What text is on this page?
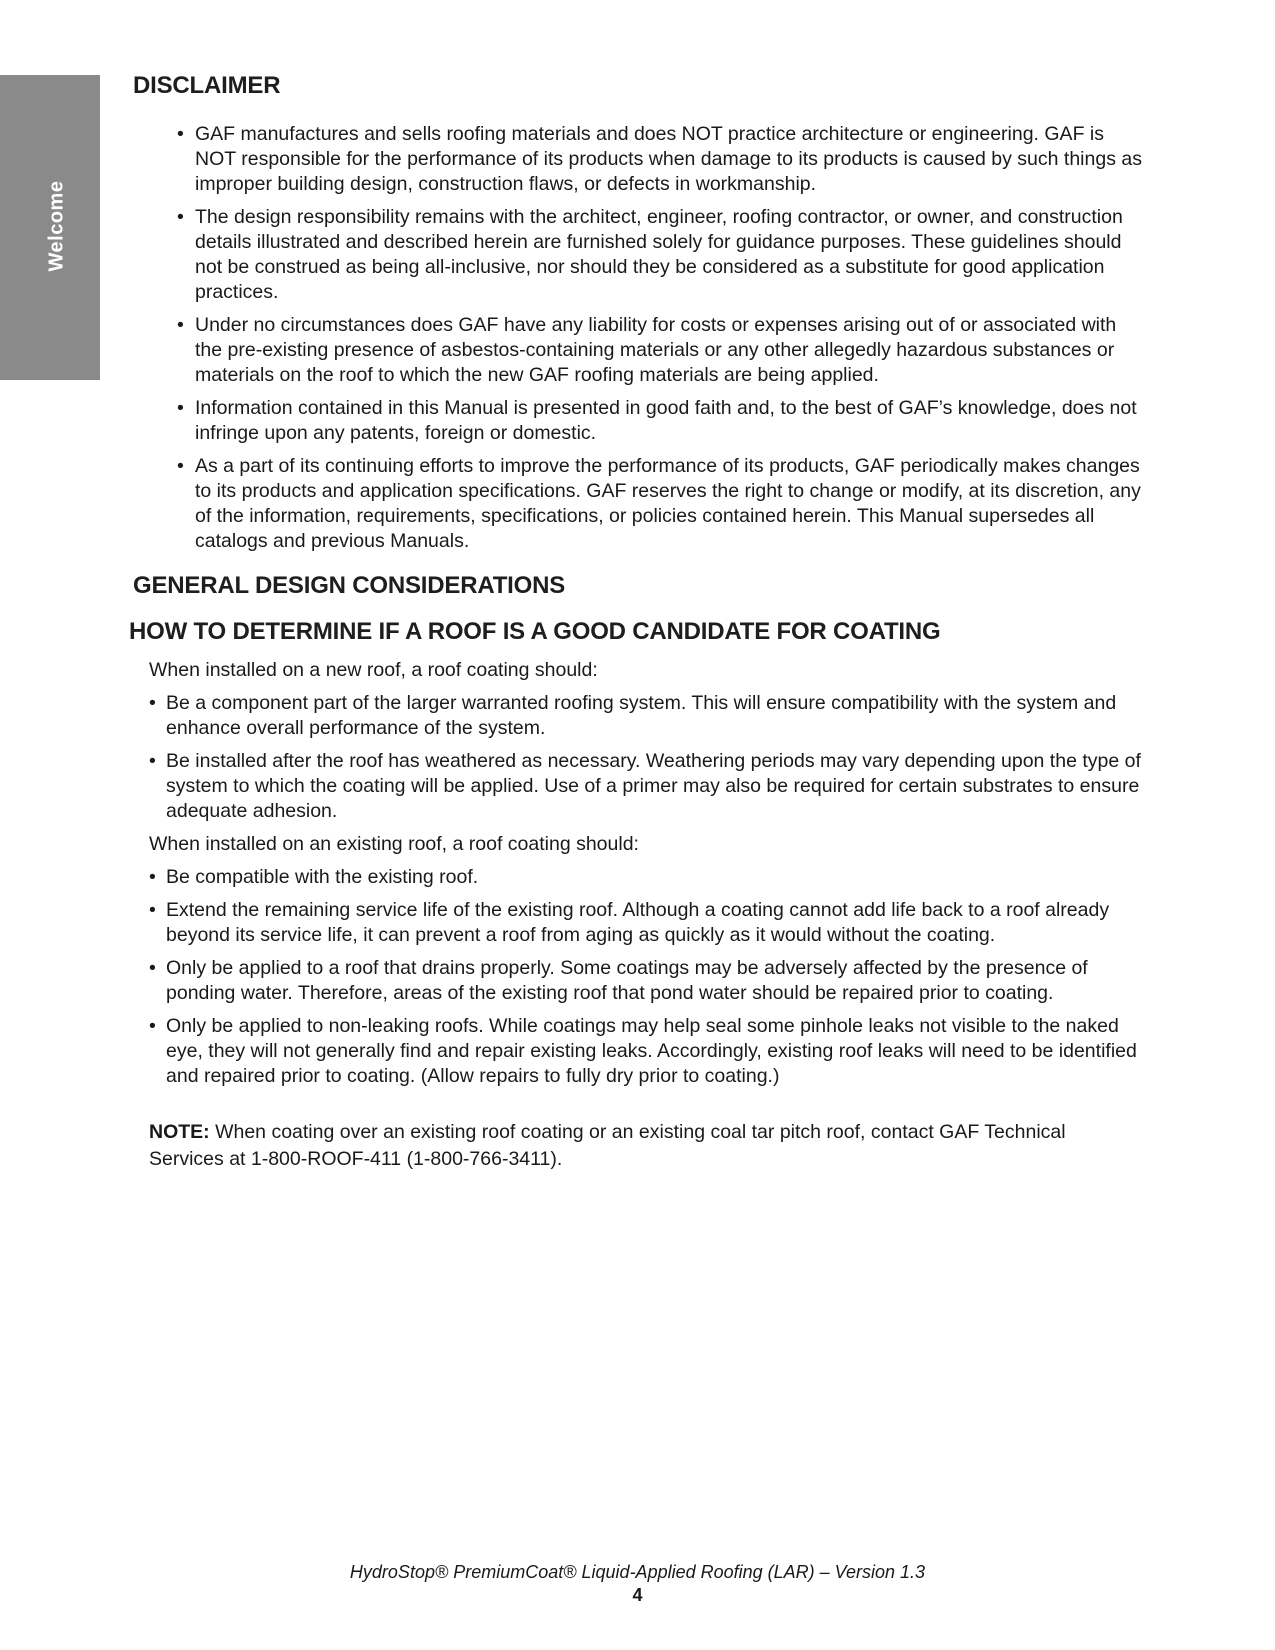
Welcome
DISCLAIMER
• GAF manufactures and sells roofing materials and does NOT practice architecture or engineering. GAF is NOT responsible for the performance of its products when damage to its products is caused by such things as improper building design, construction flaws, or defects in workmanship.
• The design responsibility remains with the architect, engineer, roofing contractor, or owner, and construction details illustrated and described herein are furnished solely for guidance purposes. These guidelines should not be construed as being all-inclusive, nor should they be considered as a substitute for good application practices.
• Under no circumstances does GAF have any liability for costs or expenses arising out of or associated with the pre-existing presence of asbestos-containing materials or any other allegedly hazardous substances or materials on the roof to which the new GAF roofing materials are being applied.
• Information contained in this Manual is presented in good faith and, to the best of GAF’s knowledge, does not infringe upon any patents, foreign or domestic.
• As a part of its continuing efforts to improve the performance of its products, GAF periodically makes changes to its products and application specifications. GAF reserves the right to change or modify, at its discretion, any of the information, requirements, specifications, or policies contained herein. This Manual supersedes all catalogs and previous Manuals.
GENERAL DESIGN CONSIDERATIONS
HOW TO DETERMINE IF A ROOF IS A GOOD CANDIDATE FOR COATING

When installed on a new roof, a roof coating should:

• Be a component part of the larger warranted roofing system. This will ensure compatibility with the system and enhance overall performance of the system.
• Be installed after the roof has weathered as necessary. Weathering periods may vary depending upon the type of system to which the coating will be applied. Use of a primer may also be required for certain substrates to ensure adequate adhesion.

When installed on an existing roof, a roof coating should:

• Be compatible with the existing roof.
• Extend the remaining service life of the existing roof. Although a coating cannot add life back to a roof already beyond its service life, it can prevent a roof from aging as quickly as it would without the coating.
• Only be applied to a roof that drains properly. Some coatings may be adversely affected by the presence of ponding water. Therefore, areas of the existing roof that pond water should be repaired prior to coating.
• Only be applied to non-leaking roofs. While coatings may help seal some pinhole leaks not visible to the naked eye, they will not generally find and repair existing leaks. Accordingly, existing roof leaks will need to be identified and repaired prior to coating. (Allow repairs to fully dry prior to coating.)

NOTE: When coating over an existing roof coating or an existing coal tar pitch roof, contact GAF Technical Services at 1-800-ROOF-411 (1-800-766-3411).

HydroStop® PremiumCoat® Liquid-Applied Roofing (LAR) – Version 1.3
4
